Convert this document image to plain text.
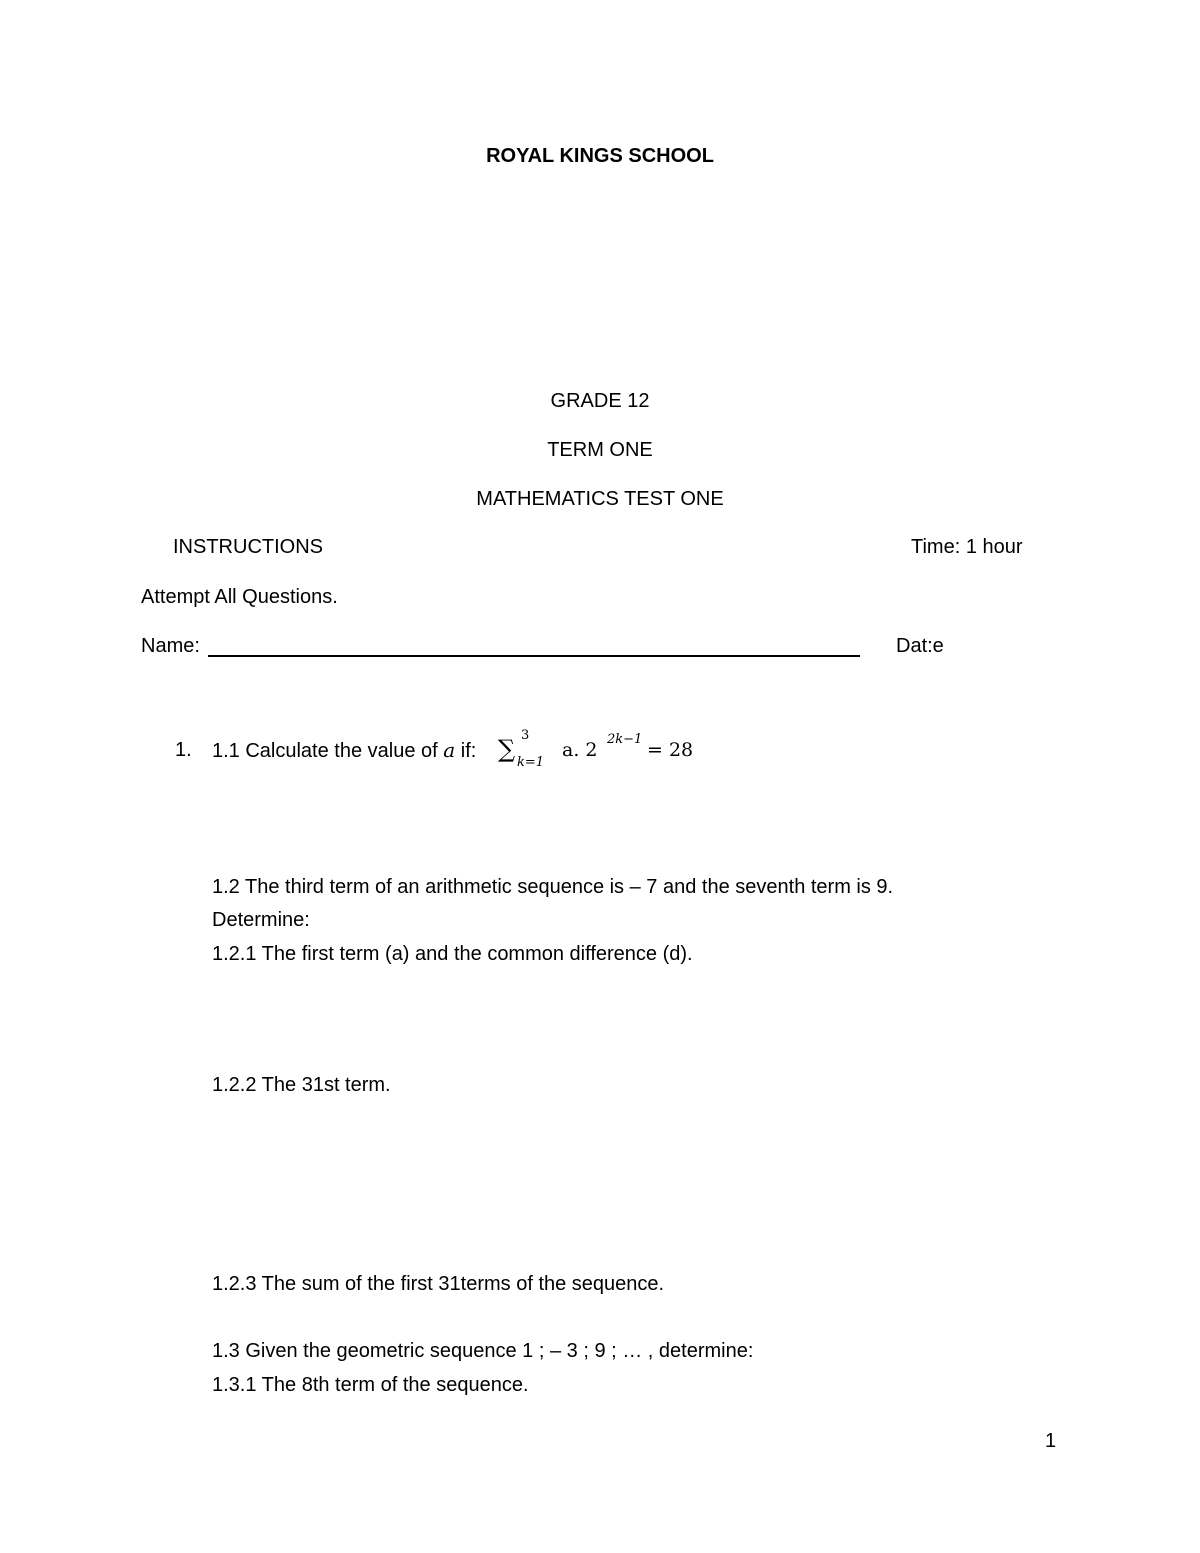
ROYAL KINGS SCHOOL
GRADE 12
TERM ONE
MATHEMATICS TEST ONE
INSTRUCTIONS	Time: 1 hour
Attempt All Questions.
Name:	Dat:e
1. 1.1 Calculate the value of a if: ∑ 3
k=1
a. 2 2k−1 = 28
1.2 The third term of an arithmetic sequence is – 7 and the seventh term is 9.
Determine:
1.2.1 The first term (a) and the common difference (d).
1.2.2 The 31st term.
1.2.3 The sum of the first 31terms of the sequence.
1.3 Given the geometric sequence 1 ; – 3 ; 9 ; … , determine:
1.3.1 The 8th term of the sequence.
1
